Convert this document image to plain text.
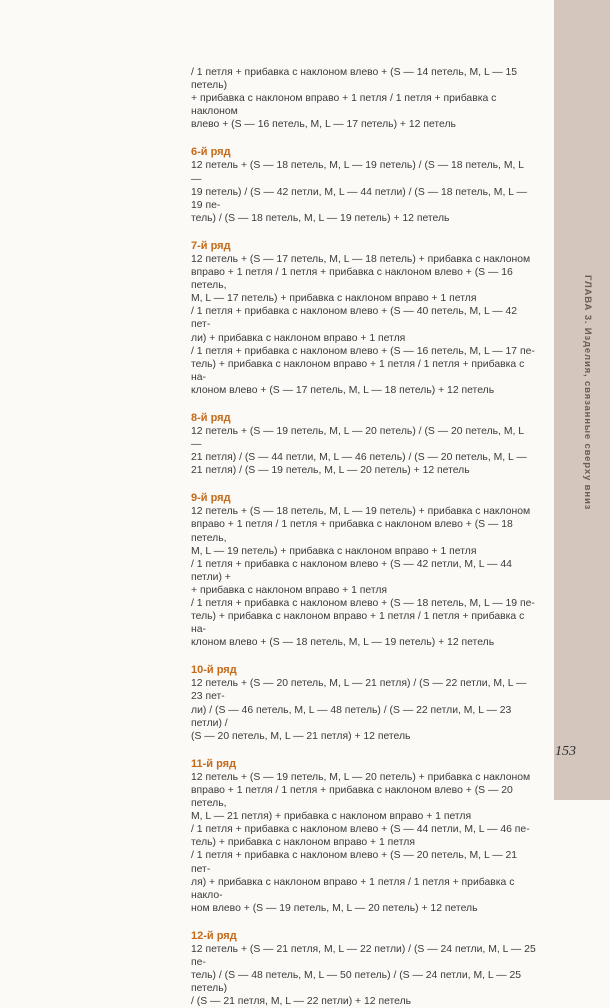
/ 1 петля + прибавка с наклоном влево + (S — 14 петель, M, L — 15 петель)

+ прибавка с наклоном вправо + 1 петля / 1 петля + прибавка с наклоном

влево + (S — 16 петель, M, L — 17 петель) + 12 петель

6-й ряд

12 петель + (S — 18 петель, M, L — 19 петель) / (S — 18 петель, M, L —

19 петель) / (S — 42 петли, M, L — 44 петли) / (S — 18 петель, M, L — 19 пе-

тель) / (S — 18 петель, M, L — 19 петель) + 12 петель

7-й ряд

12 петель + (S — 17 петель, M, L — 18 петель) + прибавка с наклоном

вправо + 1 петля / 1 петля + прибавка с наклоном влево + (S — 16 петель,

M, L — 17 петель) + прибавка с наклоном вправо + 1 петля

/ 1 петля + прибавка с наклоном влево + (S — 40 петель, M, L — 42 пет-

ли) + прибавка с наклоном вправо + 1 петля

/ 1 петля + прибавка с наклоном влево + (S — 16 петель, M, L — 17 пе-

тель) + прибавка с наклоном вправо + 1 петля / 1 петля + прибавка с на-

клоном влево + (S — 17 петель, M, L — 18 петель) + 12 петель

8-й ряд

12 петель + (S — 19 петель, M, L — 20 петель) / (S — 20 петель, M, L —

21 петля) / (S — 44 петли, M, L — 46 петель) / (S — 20 петель, M, L —

21 петля) / (S — 19 петель, M, L — 20 петель) + 12 петель

9-й ряд

12 петель + (S — 18 петель, M, L — 19 петель) + прибавка с наклоном

вправо + 1 петля / 1 петля + прибавка с наклоном влево + (S — 18 петель,

M, L — 19 петель) + прибавка с наклоном вправо + 1 петля

/ 1 петля + прибавка с наклоном влево + (S — 42 петли, M, L — 44 петли) +

+ прибавка с наклоном вправо + 1 петля

/ 1 петля + прибавка с наклоном влево + (S — 18 петель, M, L — 19 пе-

тель) + прибавка с наклоном вправо + 1 петля / 1 петля + прибавка с на-

клоном влево + (S — 18 петель, M, L — 19 петель) + 12 петель

10-й ряд

12 петель + (S — 20 петель, M, L — 21 петля) / (S — 22 петли, M, L — 23 пет-

ли) / (S — 46 петель, M, L — 48 петель) / (S — 22 петли, M, L — 23 петли) /

(S — 20 петель, M, L — 21 петля) + 12 петель

11-й ряд

12 петель + (S — 19 петель, M, L — 20 петель) + прибавка с наклоном

вправо + 1 петля / 1 петля + прибавка с наклоном влево + (S — 20 петель,

M, L — 21 петля) + прибавка с наклоном вправо + 1 петля

/ 1 петля + прибавка с наклоном влево + (S — 44 петли, M, L — 46 пе-

тель) + прибавка с наклоном вправо + 1 петля

/ 1 петля + прибавка с наклоном влево + (S — 20 петель, M, L — 21 пет-

ля) + прибавка с наклоном вправо + 1 петля / 1 петля + прибавка с накло-

ном влево + (S — 19 петель, M, L — 20 петель) + 12 петель

12-й ряд

12 петель + (S — 21 петля, M, L — 22 петли) / (S — 24 петли, M, L — 25 пе-

тель) / (S — 48 петель, M, L — 50 петель) / (S — 24 петли, M, L — 25 петель)

/ (S — 21 петля, M, L — 22 петли) + 12 петель

ГЛАВА 3. Изделия, связанные сверху вниз
153
